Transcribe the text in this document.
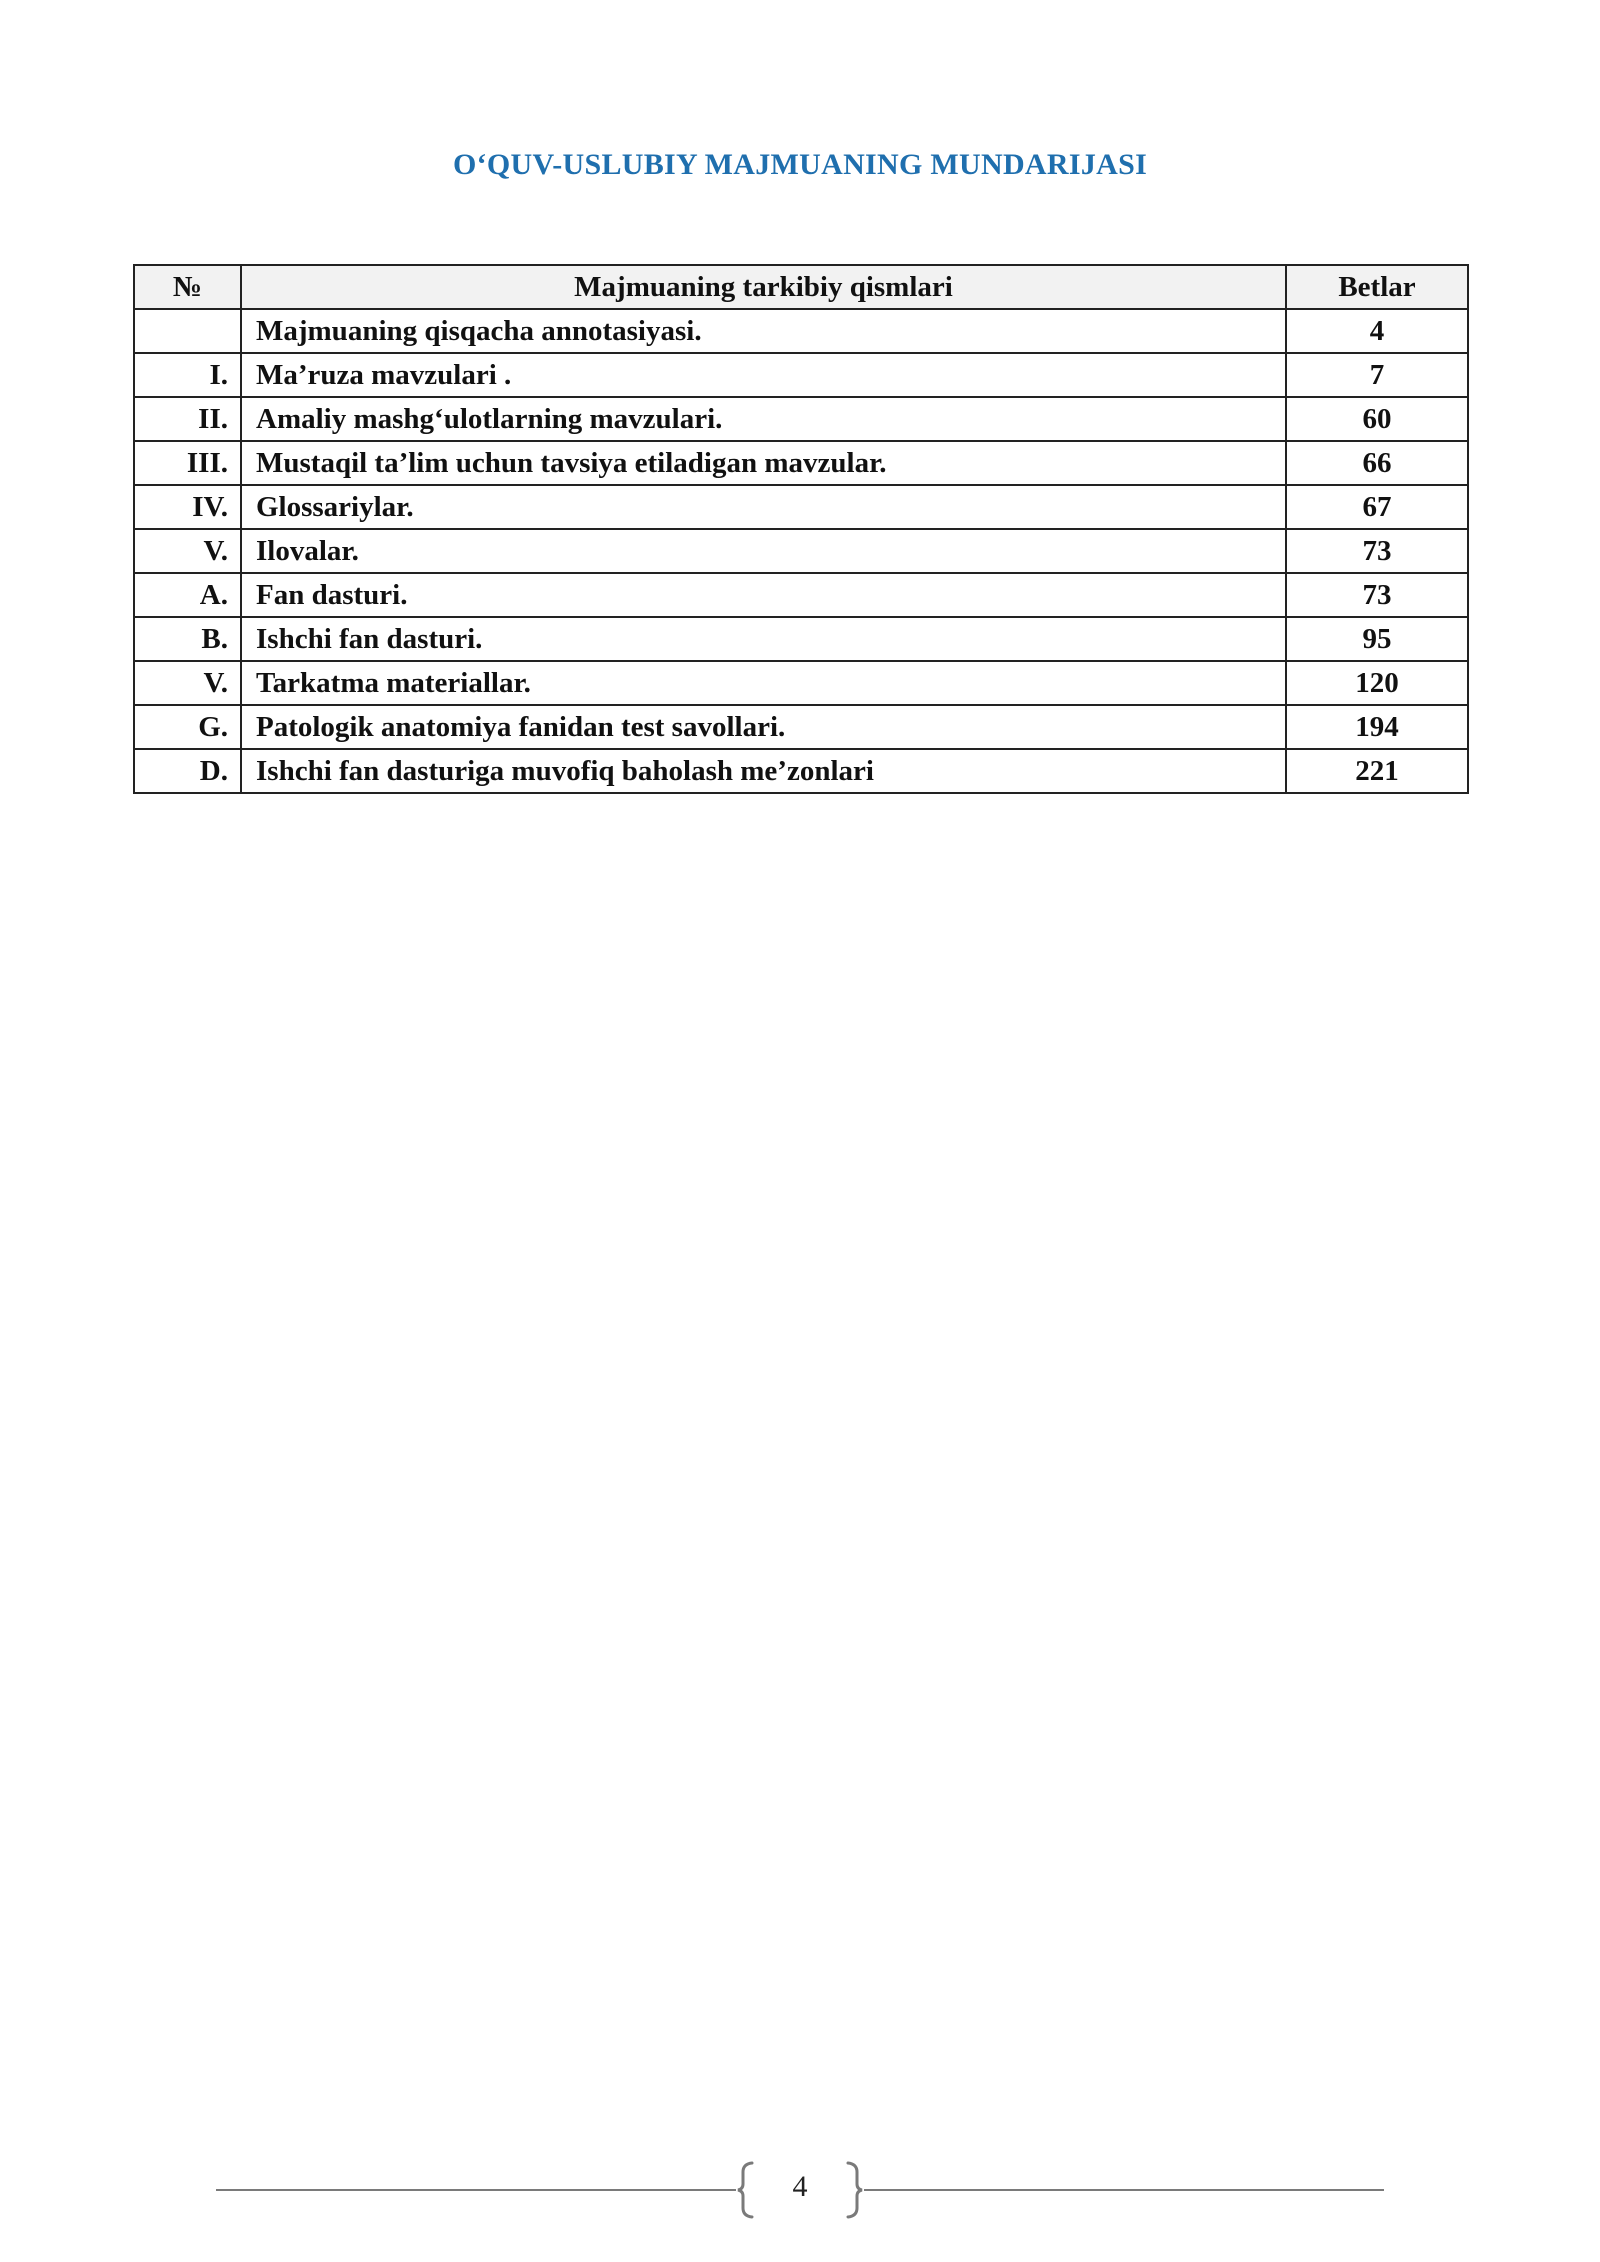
O‘QUV-USLUBIY MAJMUANING MUNDARIJASI
№	Majmuaning tarkibiy qismlari	Betlar
	Majmuaning qisqacha annotasiyasi.	4
I.	Ma’ruza mavzulari .	7
II.	Amaliy mashg‘ulotlarning mavzulari.	60
III.	Mustaqil ta’lim uchun tavsiya etiladigan mavzular.	66
IV.	Glossariylar.	67
V.	Ilovalar.	73
A.	Fan dasturi.	73
B.	Ishchi fan dasturi.	95
V.	Tarkatma materiallar.	120
G.	Patologik anatomiya fanidan test savollari.	194
D.	Ishchi fan dasturiga muvofiq baholash me’zonlari	221
4
